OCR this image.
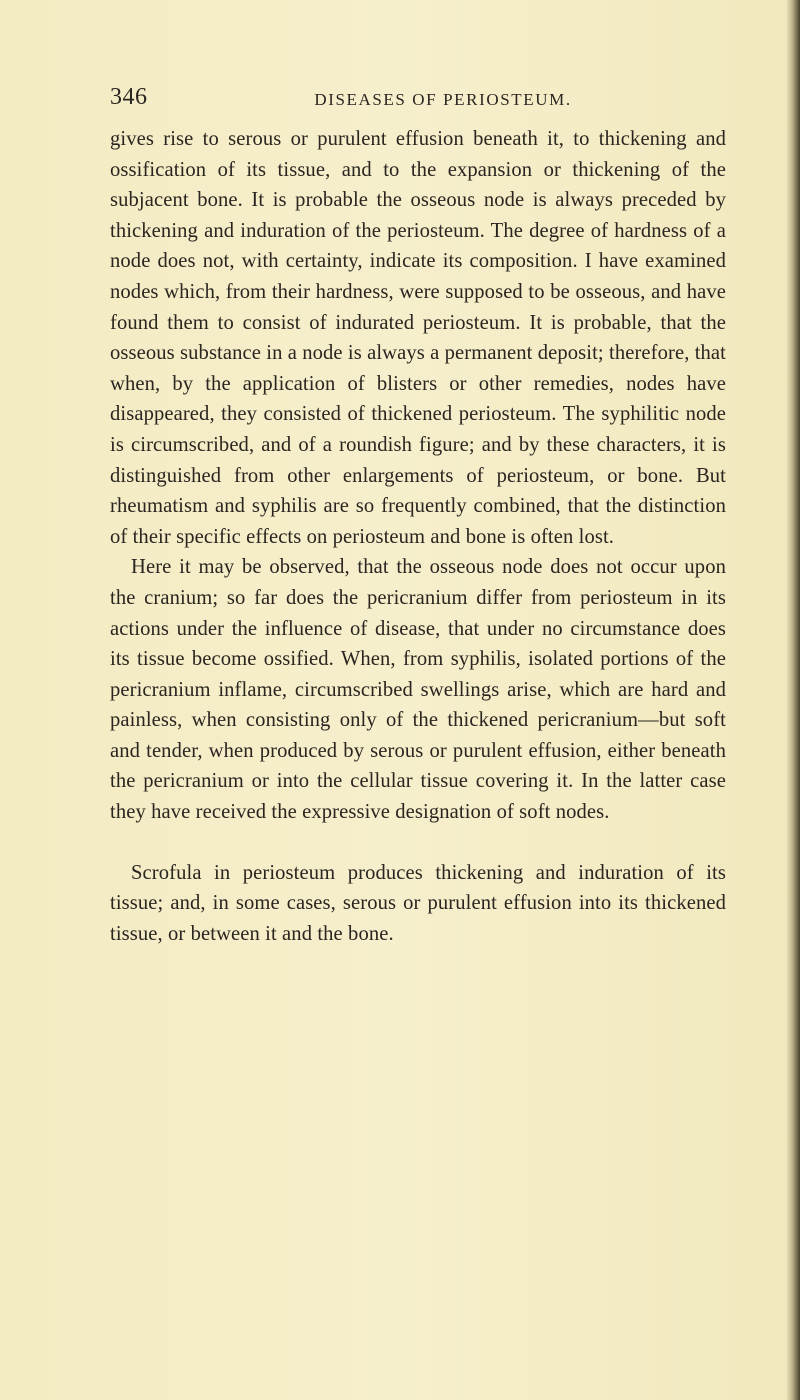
346	DISEASES OF PERIOSTEUM.

gives rise to serous or purulent effusion beneath it, to thickening and ossification of its tissue, and to the expansion or thickening of the subjacent bone. It is probable the osseous node is always preceded by thickening and induration of the periosteum. The degree of hardness of a node does not, with certainty, indicate its composition. I have examined nodes which, from their hardness, were supposed to be osseous, and have found them to consist of indurated periosteum. It is probable, that the osseous substance in a node is always a permanent deposit; therefore, that when, by the application of blisters or other remedies, nodes have disappeared, they consisted of thickened periosteum. The syphilitic node is circumscribed, and of a roundish figure; and by these characters, it is distinguished from other enlargements of periosteum, or bone. But rheumatism and syphilis are so frequently combined, that the distinction of their specific effects on periosteum and bone is often lost.

Here it may be observed, that the osseous node does not occur upon the cranium; so far does the pericranium differ from periosteum in its actions under the influence of disease, that under no circumstance does its tissue become ossified. When, from syphilis, isolated portions of the pericranium inflame, circumscribed swellings arise, which are hard and painless, when consisting only of the thickened pericranium—but soft and tender, when produced by serous or purulent effusion, either beneath the pericranium or into the cellular tissue covering it. In the latter case they have received the expressive designation of soft nodes.

Scrofula in periosteum produces thickening and induration of its tissue; and, in some cases, serous or purulent effusion into its thickened tissue, or between it and the bone.
